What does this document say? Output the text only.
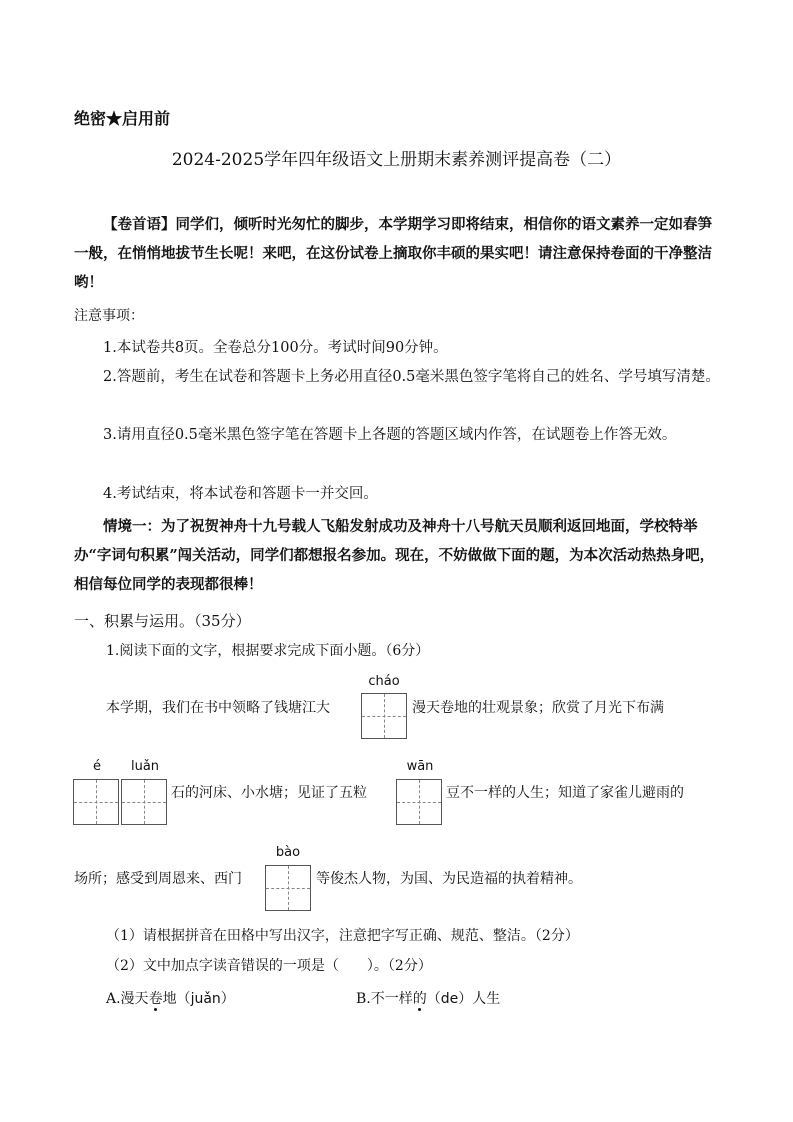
绝密★启用前
2024-2025学年四年级语文上册期末素养测评提高卷（二）
【卷首语】同学们，倾听时光匆忙的脚步，本学期学习即将结束，相信你的语文素养一定如春笋一般，在悄悄地拔节生长呢！来吧，在这份试卷上摘取你丰硕的果实吧！请注意保持卷面的干净整洁哟！
注意事项：
1.本试卷共8页。全卷总分100分。考试时间90分钟。
2.答题前，考生在试卷和答题卡上务必用直径0.5毫米黑色签字笔将自己的姓名、学号填写清楚。
3.请用直径0.5毫米黑色签字笔在答题卡上各题的答题区域内作答，在试题卷上作答无效。
4.考试结束，将本试卷和答题卡一并交回。
情境一：为了祝贺神舟十九号载人飞船发射成功及神舟十八号航天员顺利返回地面，学校特举办“字词句积累”闯关活动，同学们都想报名参加。现在，不妨做做下面的题，为本次活动热热身吧，相信每位同学的表现都很棒！
一、积累与运用。（35分）
1.阅读下面的文字，根据要求完成下面小题。（6分）
本学期，我们在书中领略了钱塘江大
cháo
漫天卷地的壮观景象；欣赏了月光下布满
é	luǎn
石的河床、小水塘；见证了五粒
wān
豆不一样的人生；知道了家雀儿避雨的
场所；感受到周恩来、西门
bào
等俊杰人物，为国、为民造福的执着精神。
（1）请根据拼音在田格中写出汉字，注意把字写正确、规范、整洁。（2分）
（2）文中加点字读音错误的一项是（　　）。（2分）
A.漫天卷地（juǎn）	B.不一样的（de）人生
